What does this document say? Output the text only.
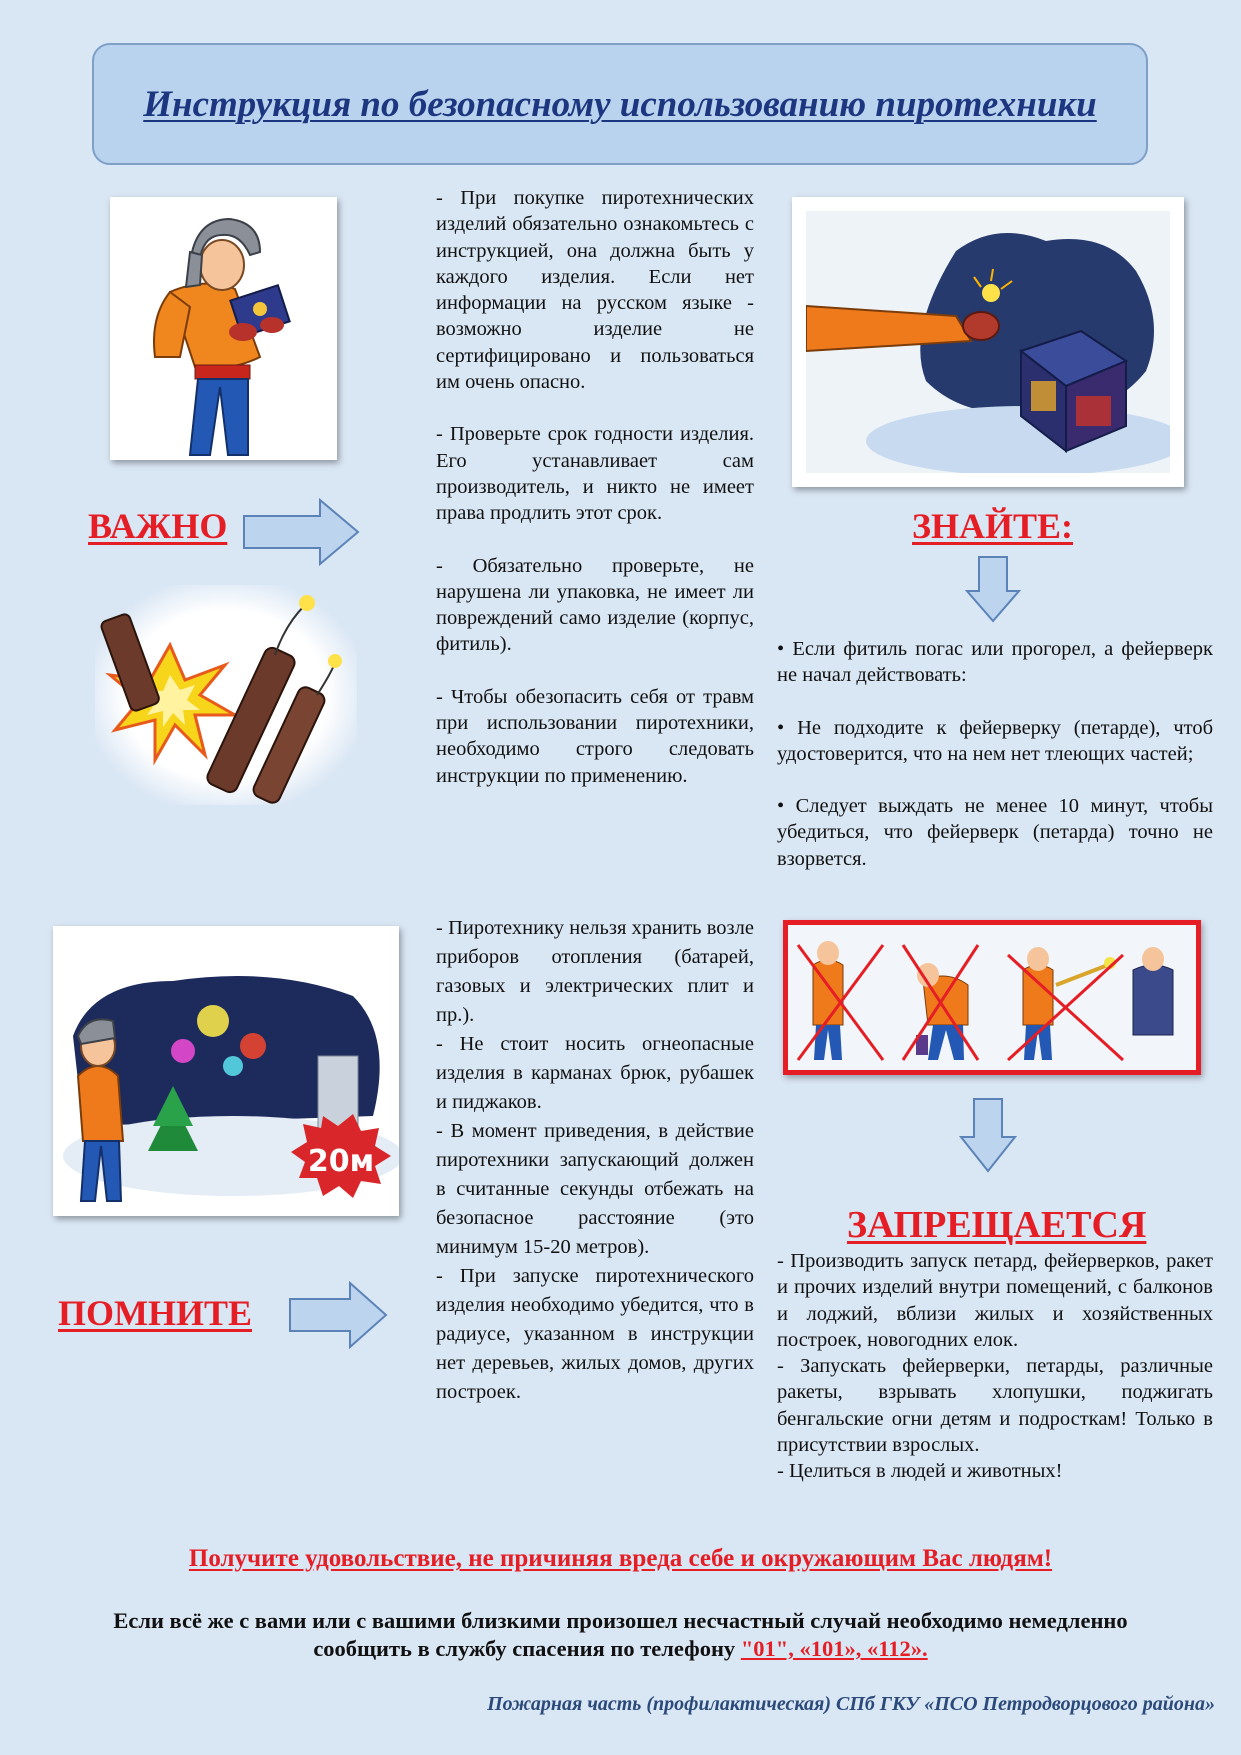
Инструкция по безопасному использованию пиротехники
ВАЖНО

- При покупке пиротехнических изделий обязательно ознакомьтесь с инструкцией, она должна быть у каждого изделия. Если нет информации на русском языке - возможно изделие не сертифицировано и пользоваться им очень опасно.

- Проверьте срок годности изделия. Его устанавливает сам производитель, и никто не имеет права продлить этот срок.

- Обязательно проверьте, не нарушена ли упаковка, не имеет ли повреждений само изделие (корпус, фитиль).

- Чтобы обезопасить себя от травм при использовании пиротехники, необходимо строго следовать инструкции по применению.

ЗНАЙТЕ:

• Если фитиль погас или прогорел, а фейерверк не начал действовать:

• Не подходите к фейерверку (петарде), чтоб удостоверится, что на нем нет тлеющих частей;

• Следует выждать не менее 10 минут, чтобы убедиться, что фейерверк (петарда) точно не взорвется.

20м
ПОМНИТЕ

- Пиротехнику нельзя хранить возле приборов отопления (батарей, газовых и электрических плит и пр.).

- Не стоит носить огнеопасные изделия в карманах брюк, рубашек и пиджаков.

- В момент приведения, в действие пиротехники запускающий должен в считанные секунды отбежать на безопасное расстояние (это минимум 15-20 метров).

- При запуске пиротехнического изделия необходимо убедится, что в радиусе, указанном в инструкции нет деревьев, жилых домов, других построек.

ЗАПРЕЩАЕТСЯ

- Производить запуск петард, фейерверков, ракет и прочих изделий внутри помещений, с балконов и лоджий, вблизи жилых и хозяйственных построек, новогодних елок.

- Запускать фейерверки, петарды, различные ракеты, взрывать хлопушки, поджигать бенгальские огни детям и подросткам! Только в присутствии взрослых.

- Целиться в людей и животных!

Получите удовольствие, не причиняя вреда себе и окружающим Вас людям!
Если всё же с вами или с вашими близкими произошел несчастный случай необходимо немедленно
сообщить в службу спасения по телефону "01", «101», «112».
Пожарная часть (профилактическая) СПб ГКУ «ПСО Петродворцового района»
